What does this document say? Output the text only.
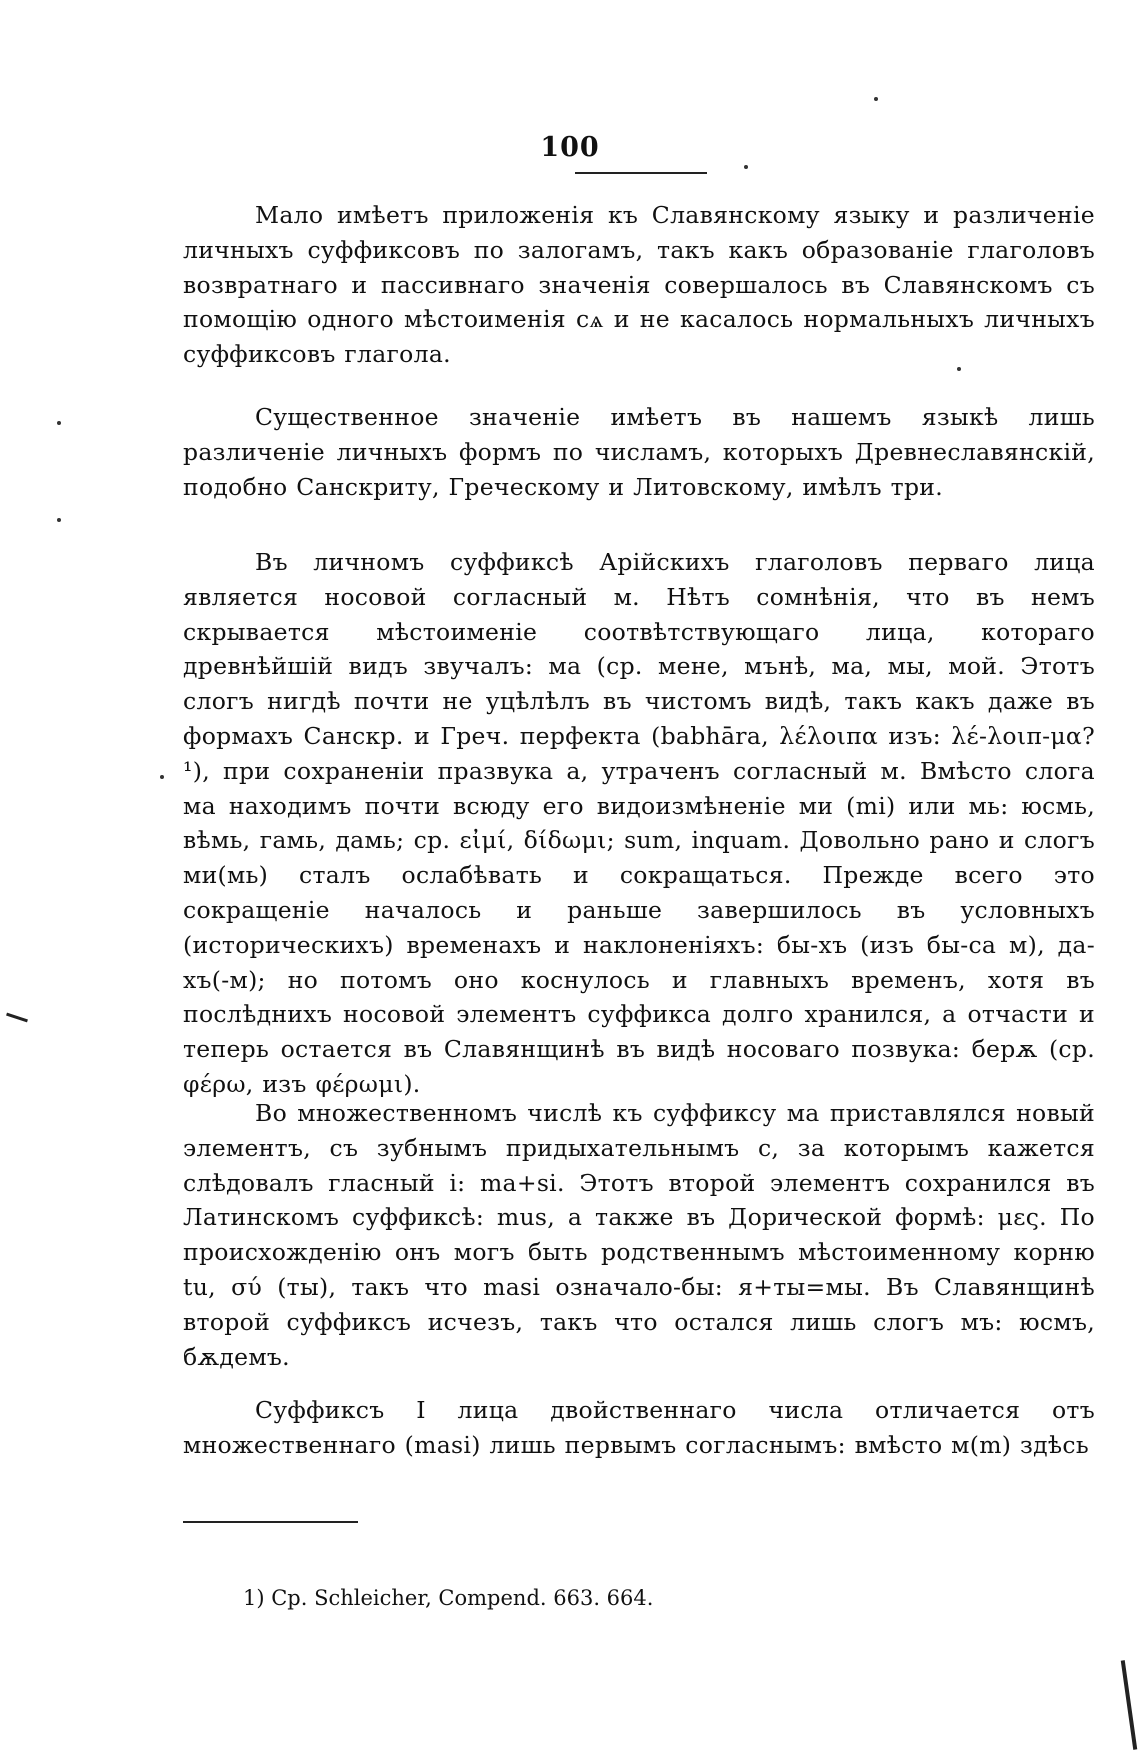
100

Мало имѣетъ приложенія къ Славянскому языку и различеніе личныхъ суффиксовъ по залогамъ, такъ какъ образованіе глаголовъ возвратнаго и пассивнаго значенія совершалось въ Славянскомъ съ помощію одного мѣстоименія сѧ и не касалось нормальныхъ личныхъ суффиксовъ глагола.

Существенное значеніе имѣетъ въ нашемъ языкѣ лишь различеніе личныхъ формъ по числамъ, которыхъ Древнеславянскій, подобно Санскриту, Греческому и Литовскому, имѣлъ три.

Въ личномъ суффиксѣ Арійскихъ глаголовъ перваго лица является носовой согласный м. Нѣтъ сомнѣнія, что въ немъ скрывается мѣстоименіе соотвѣтствующаго лица, котораго древнѣйшій видъ звучалъ: ма (ср. мене, мънѣ, ма, мы, мой. Этотъ слогъ нигдѣ почти не уцѣлѣлъ въ чистомъ видѣ, такъ какъ даже въ формахъ Санскр. и Греч. перфекта (babhāra, λέλοιπα изъ: λέ-λοιπ-μα? ¹), при сохраненіи празвука а, утраченъ согласный м. Вмѣсто слога ма находимъ почти всюду его видоизмѣненіе ми (mi) или мь: юсмь, вѣмь, гамь, дамь; ср. εἰμί, δίδωμι; sum, inquam. Довольно рано и слогъ ми(мь) сталъ ослабѣвать и сокращаться. Прежде всего это сокращеніе началось и раньше завершилось въ условныхъ (историческихъ) временахъ и наклоненіяхъ: бы-хъ (изъ бы-са м), да-хъ(-м); но потомъ оно коснулось и главныхъ временъ, хотя въ послѣднихъ носовой элементъ суффикса долго хранился, а отчасти и теперь остается въ Славянщинѣ въ видѣ носоваго позвука: берѫ (ср. φέρω, изъ φέρωμι).

Во множественномъ числѣ къ суффиксу ма приставлялся новый элементъ, съ зубнымъ придыхательнымъ с, за которымъ кажется слѣдовалъ гласный і: ma+si. Этотъ второй элементъ сохранился въ Латинскомъ суффиксѣ: mus, а также въ Дорической формѣ: μες. По происхожденію онъ могъ быть родственнымъ мѣстоименному корню tu, σύ (ты), такъ что masi означало-бы: я+ты=мы. Въ Славянщинѣ второй суффиксъ исчезъ, такъ что остался лишь слогъ мъ: юсмъ, бѫдемъ.

Суффиксъ I лица двойственнаго числа отличается отъ множественнаго (masi) лишь первымъ согласнымъ: вмѣсто м(m) здѣсь

1) Ср. Schleicher, Compend. 663. 664.
